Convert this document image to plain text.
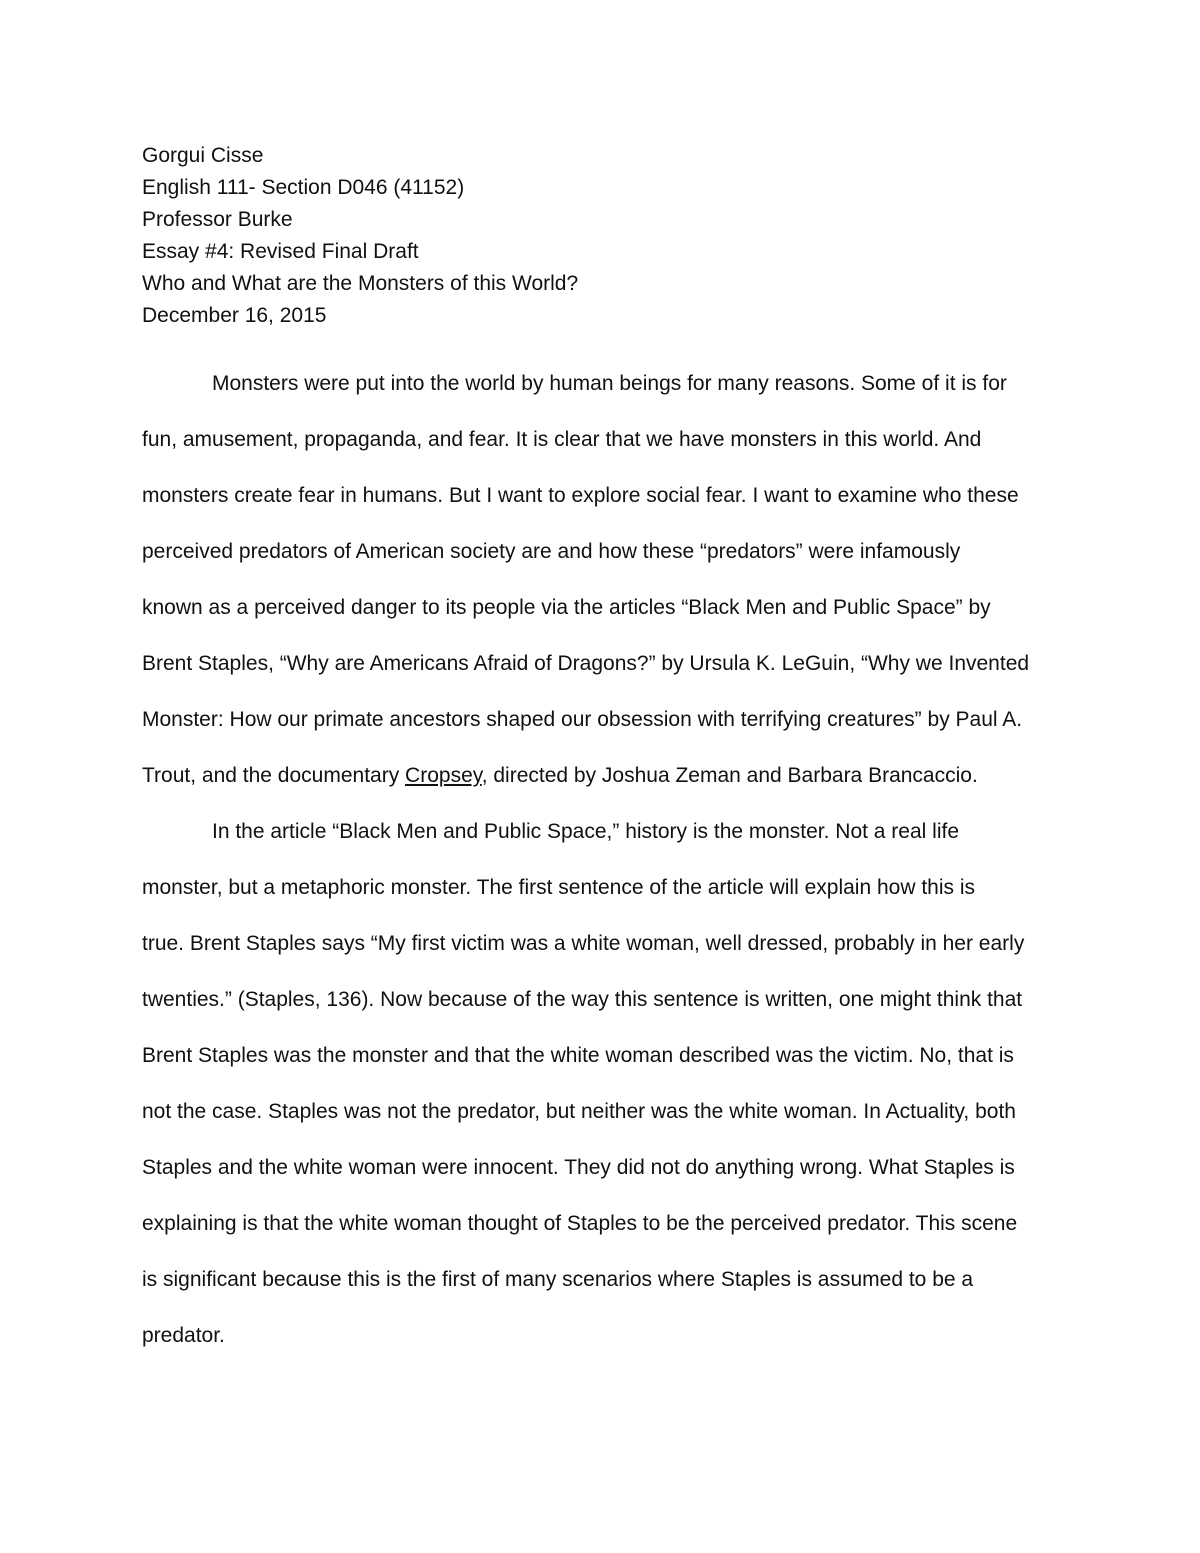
Gorgui Cisse
English 111- Section D046 (41152)
Professor Burke
Essay #4: Revised Final Draft
Who and What are the Monsters of this World?
December 16, 2015
Monsters were put into the world by human beings for many reasons. Some of it is for
fun, amusement, propaganda, and fear. It is clear that we have monsters in this world. And
monsters create fear in humans. But I want to explore social fear. I want to examine who these
perceived predators of American society are and how these “predators” were infamously
known as a perceived danger to its people via the articles “Black Men and Public Space” by
Brent Staples, “Why are Americans Afraid of Dragons?” by Ursula K. LeGuin, “Why we Invented
Monster: How our primate ancestors shaped our obsession with terrifying creatures” by Paul A.
Trout, and the documentary Cropsey, directed by Joshua Zeman and Barbara Brancaccio.
In the article “Black Men and Public Space,” history is the monster. Not a real life
monster, but a metaphoric monster. The first sentence of the article will explain how this is
true. Brent Staples says “My first victim was a white woman, well dressed, probably in her early
twenties.” (Staples, 136). Now because of the way this sentence is written, one might think that
Brent Staples was the monster and that the white woman described was the victim. No, that is
not the case. Staples was not the predator, but neither was the white woman. In Actuality, both
Staples and the white woman were innocent. They did not do anything wrong. What Staples is
explaining is that the white woman thought of Staples to be the perceived predator. This scene
is significant because this is the first of many scenarios where Staples is assumed to be a
predator.
